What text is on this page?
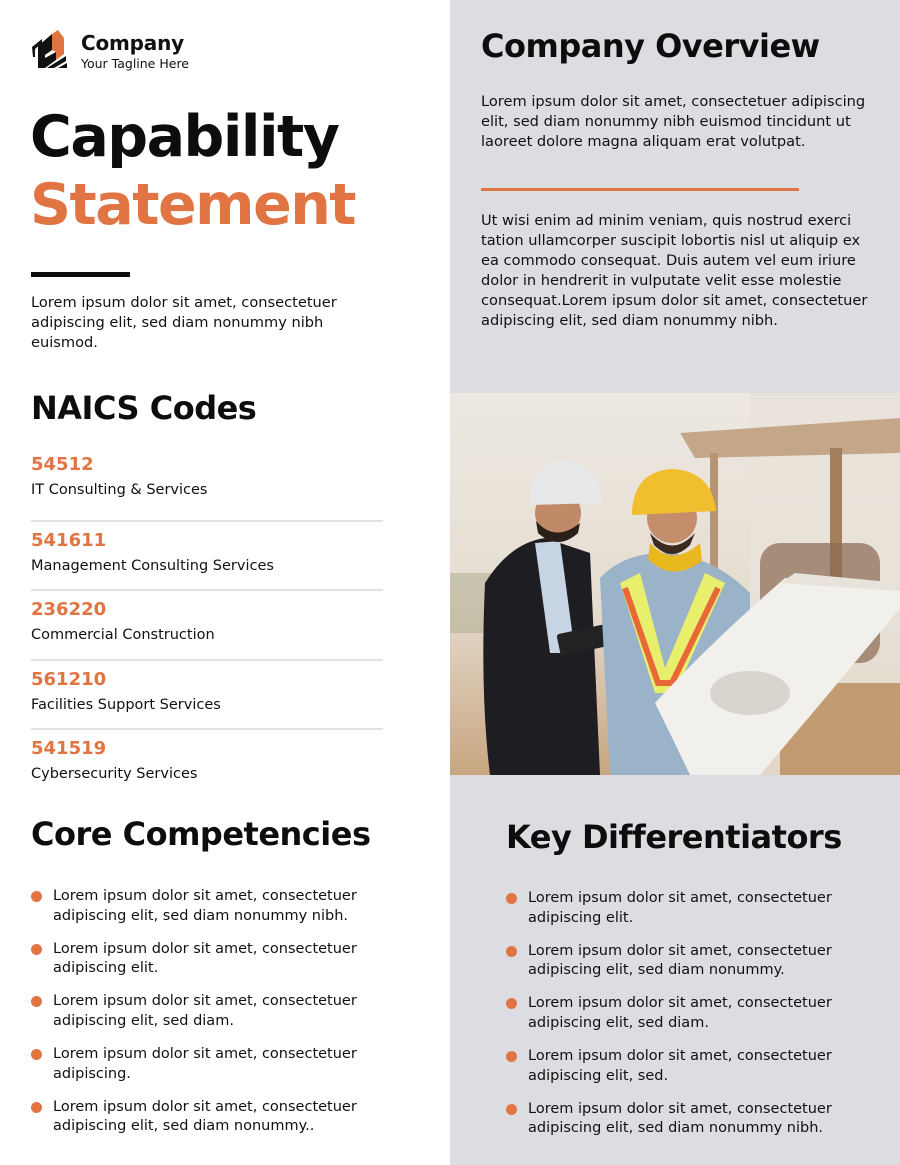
Company
Your Tagline Here
Capability
Statement

Lorem ipsum dolor sit amet, consectetuer adipiscing elit, sed diam nonummy nibh euismod.

NAICS Codes
54512
IT Consulting & Services
541611
Management Consulting Services
236220
Commercial Construction
561210
Facilities Support Services
541519
Cybersecurity Services
Core Competencies
Lorem ipsum dolor sit amet, consectetuer adipiscing elit, sed diam nonummy nibh.
Lorem ipsum dolor sit amet, consectetuer adipiscing elit.
Lorem ipsum dolor sit amet, consectetuer adipiscing elit, sed diam.
Lorem ipsum dolor sit amet, consectetuer adipiscing.
Lorem ipsum dolor sit amet, consectetuer adipiscing elit, sed diam nonummy..
Company Overview

Lorem ipsum dolor sit amet, consectetuer adipiscing elit, sed diam nonummy nibh euismod tincidunt ut laoreet dolore magna aliquam erat volutpat.

Ut wisi enim ad minim veniam, quis nostrud exerci tation ullamcorper suscipit lobortis nisl ut aliquip ex ea commodo consequat. Duis autem vel eum iriure dolor in hendrerit in vulputate velit esse molestie consequat.Lorem ipsum dolor sit amet, consectetuer adipiscing elit, sed diam nonummy nibh.

Key Differentiators
Lorem ipsum dolor sit amet, consectetuer adipiscing elit.
Lorem ipsum dolor sit amet, consectetuer adipiscing elit, sed diam nonummy.
Lorem ipsum dolor sit amet, consectetuer adipiscing elit, sed diam.
Lorem ipsum dolor sit amet, consectetuer adipiscing elit, sed.
Lorem ipsum dolor sit amet, consectetuer adipiscing elit, sed diam nonummy nibh.
